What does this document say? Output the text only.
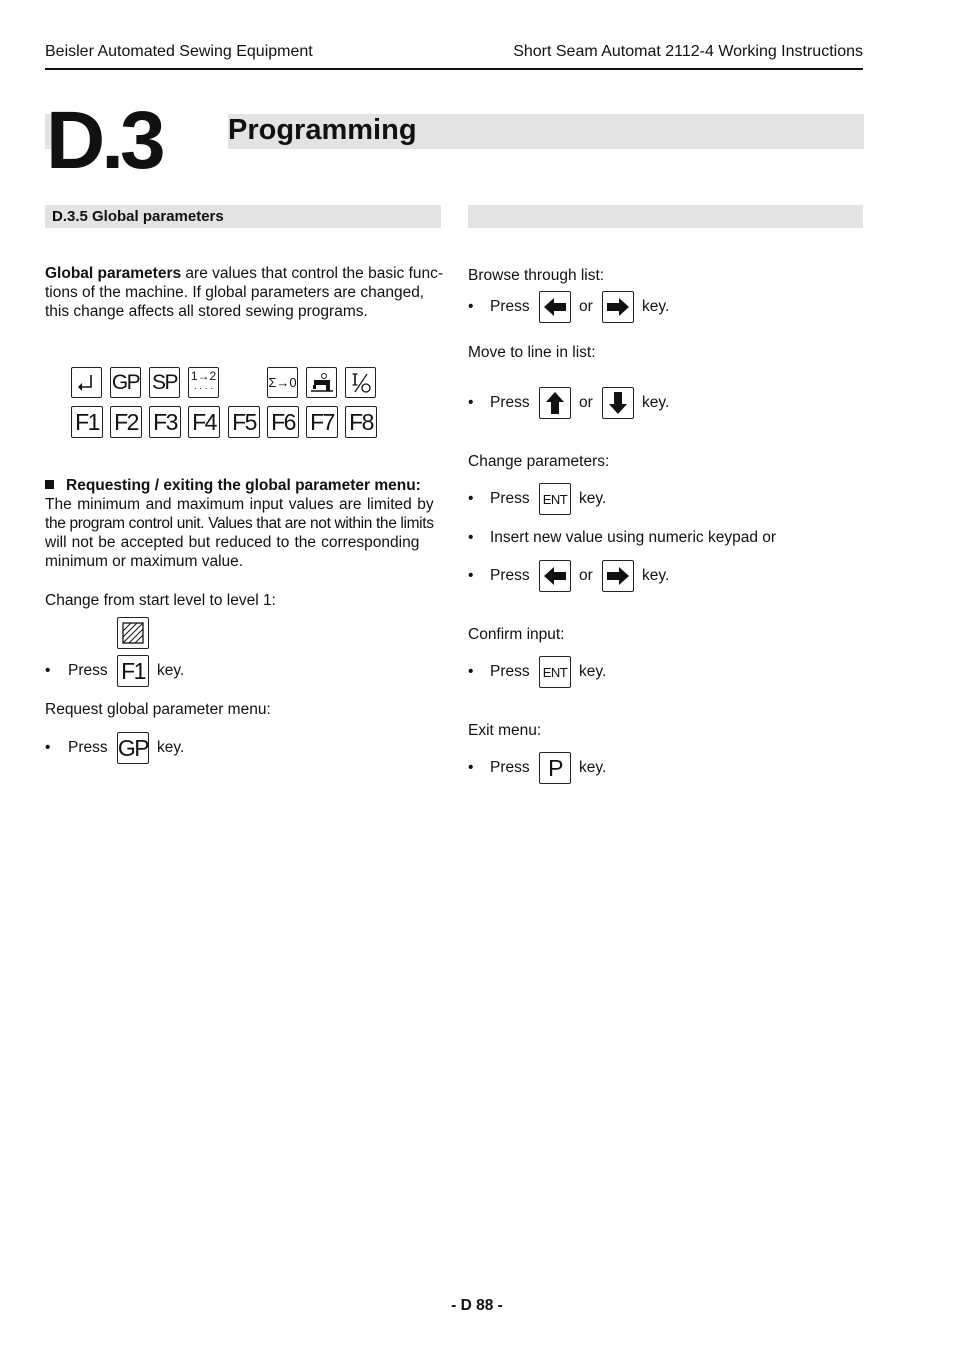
Beisler Automated Sewing Equipment	Short Seam Automat 2112-4 Working Instructions
D.3 Programming
D.3.5 Global parameters
Global parameters are values that control the basic func-
tions of the machine. If global parameters are changed,
this change affects all stored sewing programs.
GP SP 1→2
· · · ·	Σ→0
F1 F2 F3 F4 F5 F6 F7 F8
Requesting / exiting the global parameter menu:
The minimum and maximum input values are limited by
the program control unit. Values that are not within the limits
will not be accepted but reduced to the corresponding
minimum or maximum value.
Change from start level to level 1:
• Press F1 key.
Request global parameter menu:
• Press GP key.
Browse through list:
• Press	or	key.
Move to line in list:
• Press	or	key.
Change parameters:
• Press ENT key.
• Insert new value using numeric keypad or
• Press	or	key.
Confirm input:
• Press ENT key.
Exit menu:
• Press P	key.
- D 88 -
